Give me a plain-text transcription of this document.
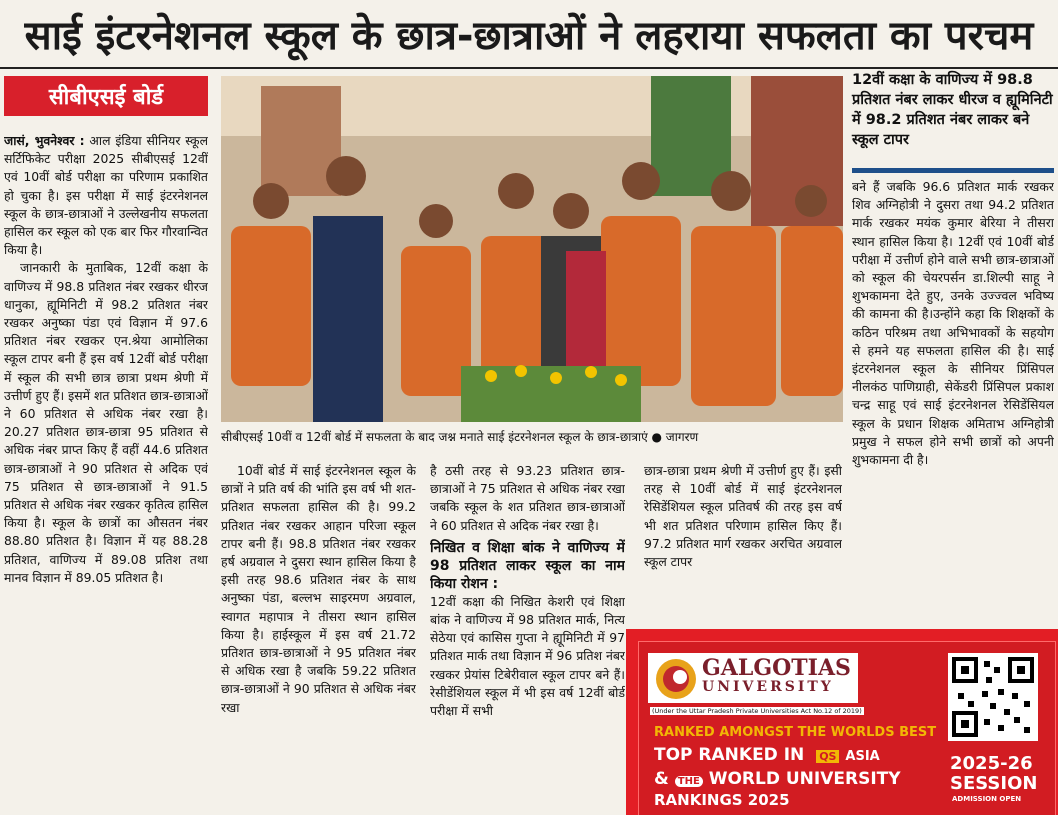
साई इंटरनेशनल स्कूल के छात्र-छात्राओं ने लहराया सफलता का परचम
सीबीएसई बोर्ड

जासं, भुवनेश्वर : आल इंडिया सीनियर स्कूल सर्टिफिकेट परीक्षा 2025 सीबीएसई 12वीं एवं 10वीं बोर्ड परीक्षा का परिणाम प्रकाशित हो चुका है। इस परीक्षा में साई इंटरनेशनल स्कूल के छात्र-छात्राओं ने उल्लेखनीय सफलता हासिल कर स्कूल को एक बार फिर गौरवान्वित किया है।

जानकारी के मुताबिक, 12वीं कक्षा के वाणिज्य में 98.8 प्रतिशत नंबर रखकर धीरज धानुका, ह्यूमिनिटी में 98.2 प्रतिशत नंबर रखकर अनुष्का पंडा एवं विज्ञान में 97.6 प्रतिशत नंबर रखकर एन.श्रेया आमोलिका स्कूल टापर बनी हैं इस वर्ष 12वीं बोर्ड परीक्षा में स्कूल की सभी छात्र छात्रा प्रथम श्रेणी में उत्तीर्ण हुए हैं। इसमें शत प्रतिशत छात्र-छात्राओं ने 60 प्रतिशत से अधिक नंबर रखा है। 20.27 प्रतिशत छात्र-छात्रा 95 प्रतिशत से अधिक नंबर प्राप्त किए हैं वहीं 44.6 प्रतिशत छात्र-छात्राओं ने 90 प्रतिशत से अदिक एवं 75 प्रतिशत से छात्र-छात्राओं ने 91.5 प्रतिशत से अधिक नंबर रखकर कृतित्व हासिल किया है। स्कूल के छात्रों का औसतन नंबर 88.80 प्रतिशत है। विज्ञान में यह 88.28 प्रतिशत, वाणिज्य में 89.08 प्रतिश तथा मानव विज्ञान में 89.05 प्रतिशत है।

सीबीएसई 10वीं व 12वीं बोर्ड में सफलता के बाद जश्न मनाते साई इंटरनेशनल स्कूल के छात्र-छात्राएं ● जागरण

10वीं बोर्ड में साई इंटरनेशनल स्कूल के छात्रों ने प्रति वर्ष की भांति इस वर्ष भी शत-प्रतिशत सफलता हासिल की है। 99.2 प्रतिशत नंबर रखकर आहान परिजा स्कूल टापर बनी हैं। 98.8 प्रतिशत नंबर रखकर हर्ष अग्रवाल ने दुसरा स्थान हासिल किया है इसी तरह 98.6 प्रतिशत नंबर के साथ अनुष्का पंडा, बल्लभ साइरमण अग्रवाल, स्वागत महापात्र ने तीसरा स्थान हासिल किया है। हाईस्कूल में इस वर्ष 21.72 प्रतिशत छात्र-छात्राओं ने 95 प्रतिशत नंबर से अधिक रखा है जबकि 59.22 प्रतिशत छात्र-छात्राओं ने 90 प्रतिशत से अधिक नंबर रखा

है ठसी तरह से 93.23 प्रतिशत छात्र-छात्राओं ने 75 प्रतिशत से अधिक नंबर रखा जबकि स्कूल के शत प्रतिशत छात्र-छात्राओं ने 60 प्रतिशत से अदिक नंबर रखा है।

निखित व शिक्षा बांक ने वाणिज्य में 98 प्रतिशत लाकर स्कूल का नाम किया रोशन :

12वीं कक्षा की निखित केशरी एवं शिक्षा बांक ने वाणिज्य में 98 प्रतिशत मार्क, नित्य सेठेया एवं कासिस गुप्ता ने ह्यूमिनिटी में 97 प्रतिशत मार्क तथा विज्ञान में 96 प्रतिश नंबर रखकर प्रेयांस टिबेरीवाल स्कूल टापर बने हैं। रेसीडेंशियल स्कूल में भी इस वर्ष 12वीं बोर्ड परीक्षा में सभी

छात्र-छात्रा प्रथम श्रेणी में उत्तीर्ण हुए हैं। इसी तरह से 10वीं बोर्ड में साई इंटरनेशनल रेसिडेंशियल स्कूल प्रतिवर्ष की तरह इस वर्ष भी शत प्रतिशत परिणाम हासिल किए हैं। 97.2 प्रतिशत मार्ग रखकर अरचित अग्रवाल स्कूल टापर

12वीं कक्षा के वाणिज्य में 98.8 प्रतिशत नंबर लाकर धीरज व ह्यूमिनिटी में 98.2 प्रतिशत नंबर लाकर बने स्कूल टापर

बने हैं जबकि 96.6 प्रतिशत मार्क रखकर शिव अग्निहोत्री ने दुसरा तथा 94.2 प्रतिशत मार्क रखकर मयंक कुमार बेरिया ने तीसरा स्थान हासिल किया है। 12वीं एवं 10वीं बोर्ड परीक्षा में उत्तीर्ण होने वाले सभी छात्र-छात्राओं को स्कूल की चेयरपर्सन डा.शिल्पी साहू ने शुभकामना देते हुए, उनके उज्ज्वल भविष्य की कामना की है।उन्होंने कहा कि शिक्षकों के कठिन परिश्रम तथा अभिभावकों के सहयोग से हमने यह सफलता हासिल की है। साई इंटरनेशनल स्कूल के सीनियर प्रिंसिपल नीलकंठ पाणिग्राही, सेकेंडरी प्रिंसिपल प्रकाश चन्द्र साहू एवं साई इंटरनेशनल रेसिडेंसियल स्कूल के प्रधान शिक्षक अमिताभ अग्निहोत्री प्रमुख ने सफल होने सभी छात्रों को अपनी शुभकामना दी है।

GALGOTIAS
UNIVERSITY
(Under the Uttar Pradesh Private Universities Act No.12 of 2019)
RANKED AMONGST THE WORLDS BEST
TOP RANKED IN QS ASIA
& THE WORLD UNIVERSITY
RANKINGS 2025
2025-26
SESSION
ADMISSION OPEN
